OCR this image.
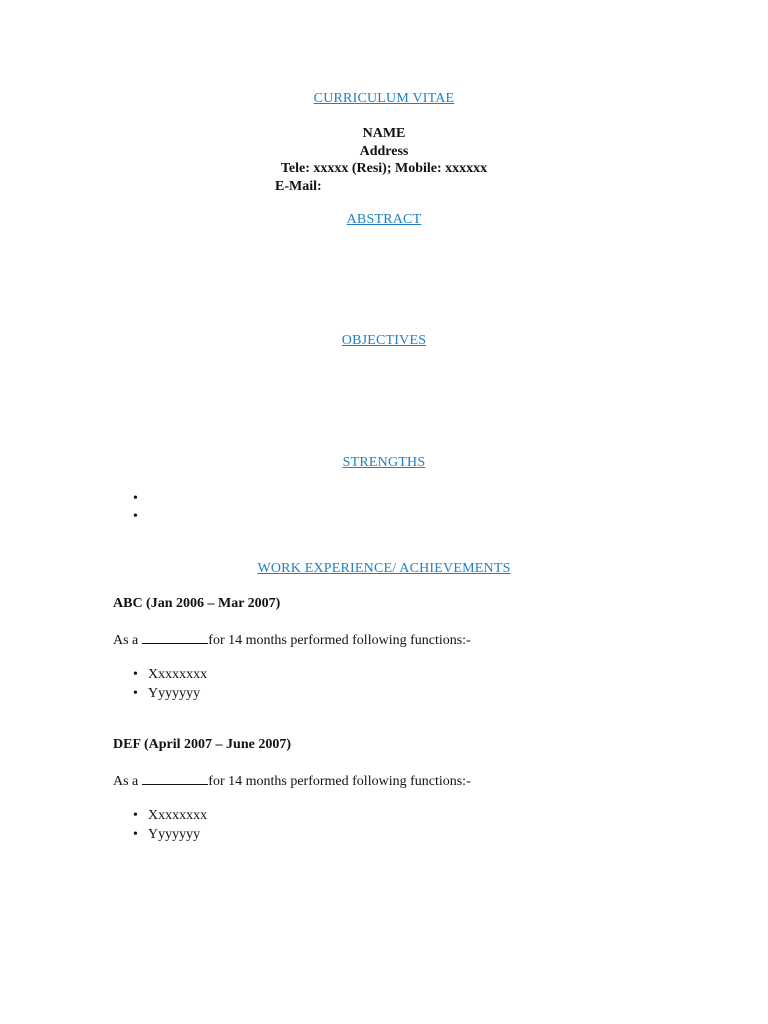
CURRICULUM VITAE
NAME
Address
Tele: xxxxx (Resi); Mobile: xxxxxx
E-Mail:
ABSTRACT
OBJECTIVES
STRENGTHS
•
•
WORK EXPERIENCE/ ACHIEVEMENTS
ABC (Jan 2006 – Mar 2007)
As a	for 14 months performed following functions:-
• Xxxxxxxx
• Yyyyyyy
DEF (April 2007 – June 2007)
As a	for 14 months performed following functions:-
• Xxxxxxxx
• Yyyyyyy
